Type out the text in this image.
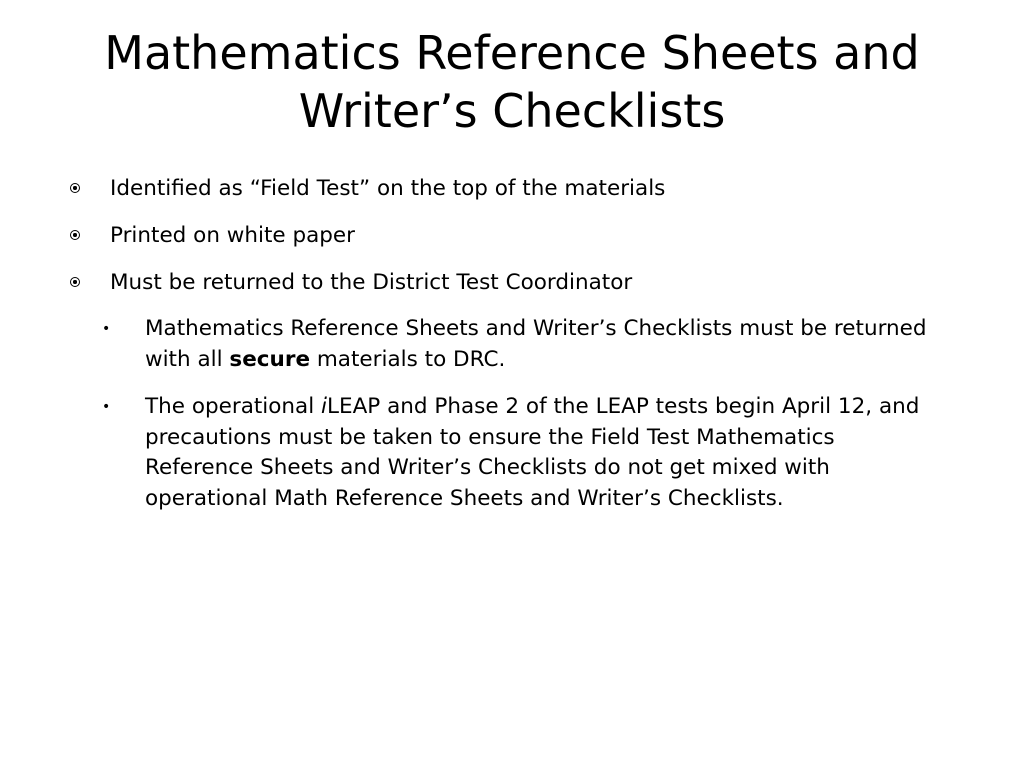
Mathematics Reference Sheets and
Writer’s Checklists
Identified as “Field Test” on the top of the materials
Printed on white paper
Must be returned to the District Test Coordinator
•
Mathematics Reference Sheets and Writer’s Checklists must be returned with all secure materials to DRC.
•
The operational iLEAP and Phase 2 of the LEAP tests begin April 12, and precautions must be taken to ensure the Field Test Mathematics Reference Sheets and Writer’s Checklists do not get mixed with operational Math Reference Sheets and Writer’s Checklists.
